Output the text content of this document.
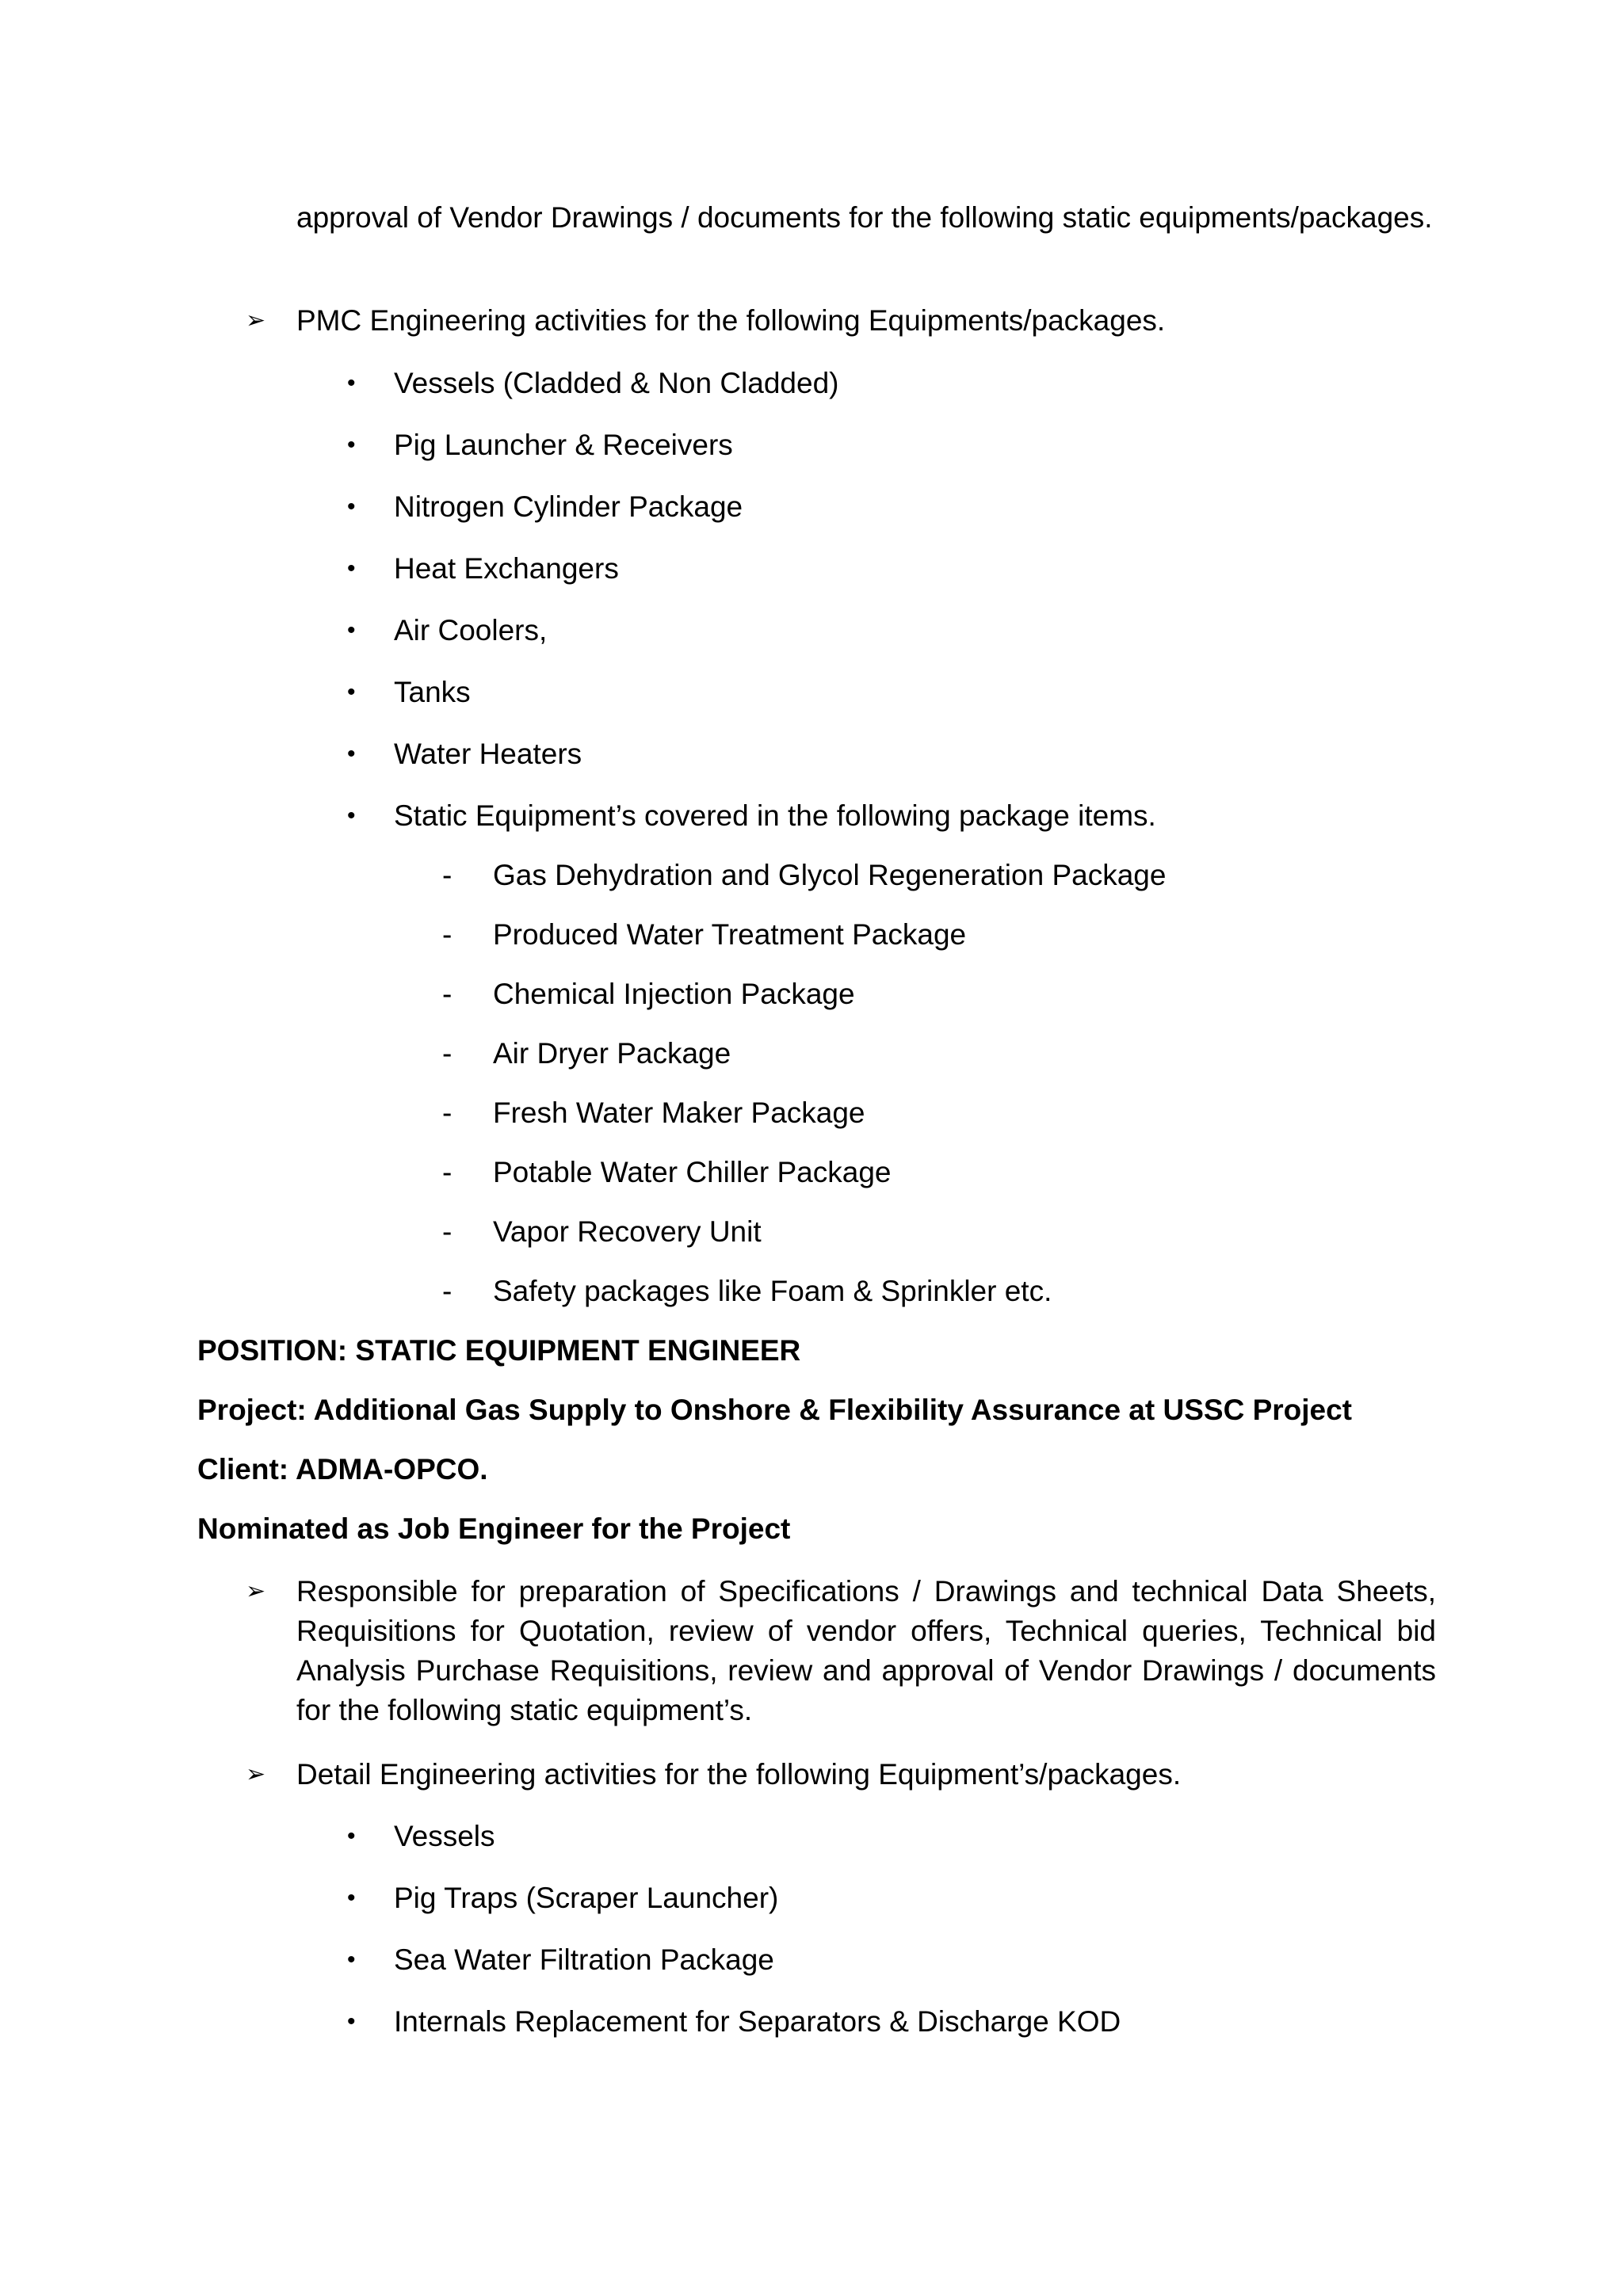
approval of Vendor Drawings / documents for the following static equipments/packages.

➢ PMC Engineering activities for the following Equipments/packages.

• Vessels (Cladded & Non Cladded)
• Pig Launcher & Receivers
• Nitrogen Cylinder Package
• Heat Exchangers
• Air Coolers,
• Tanks
• Water Heaters
• Static Equipment’s covered in the following package items.
- Gas Dehydration and Glycol Regeneration Package
- Produced Water Treatment Package
- Chemical Injection Package
- Air Dryer Package
- Fresh Water Maker Package
- Potable Water Chiller Package
- Vapor Recovery Unit
- Safety packages like Foam & Sprinkler etc.

POSITION: STATIC EQUIPMENT ENGINEER

Project: Additional Gas Supply to Onshore & Flexibility Assurance at USSC Project

Client: ADMA-OPCO.

Nominated as Job Engineer for the Project

➢ Responsible for preparation of Specifications / Drawings and technical Data Sheets, Requisitions for Quotation, review of vendor offers, Technical queries, Technical bid Analysis Purchase Requisitions, review and approval of Vendor Drawings / documents for the following static equipment’s.

➢ Detail Engineering activities for the following Equipment’s/packages.

• Vessels
• Pig Traps (Scraper Launcher)
• Sea Water Filtration Package
• Internals Replacement for Separators & Discharge KOD
